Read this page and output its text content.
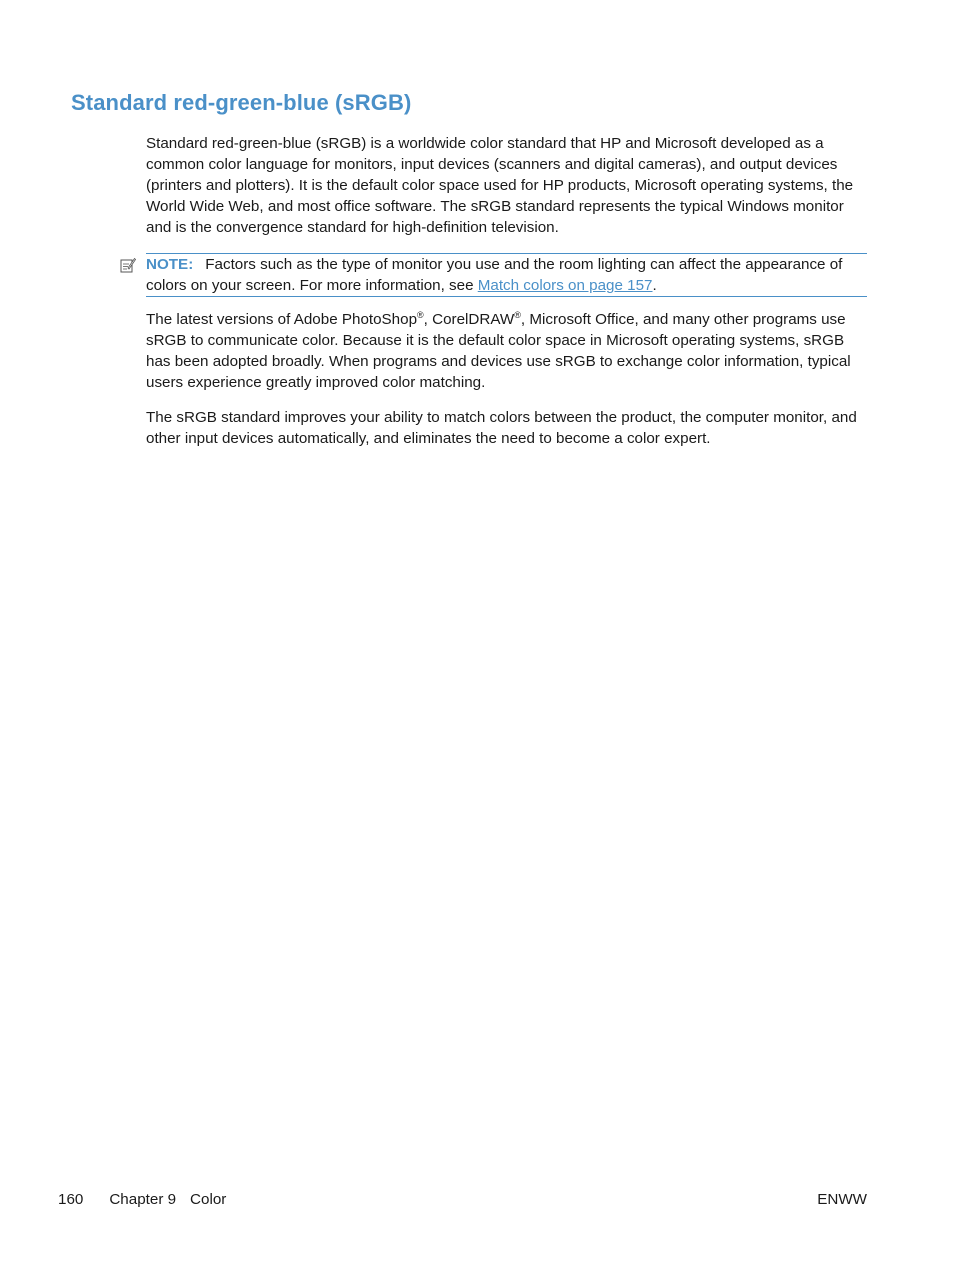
Standard red-green-blue (sRGB)

Standard red-green-blue (sRGB) is a worldwide color standard that HP and Microsoft developed as a common color language for monitors, input devices (scanners and digital cameras), and output devices (printers and plotters). It is the default color space used for HP products, Microsoft operating systems, the World Wide Web, and most office software. The sRGB standard represents the typical Windows monitor and is the convergence standard for high-definition television.

NOTE: Factors such as the type of monitor you use and the room lighting can affect the appearance of colors on your screen. For more information, see Match colors on page 157.

The latest versions of Adobe PhotoShop®, CorelDRAW®, Microsoft Office, and many other programs use sRGB to communicate color. Because it is the default color space in Microsoft operating systems, sRGB has been adopted broadly. When programs and devices use sRGB to exchange color information, typical users experience greatly improved color matching.

The sRGB standard improves your ability to match colors between the product, the computer monitor, and other input devices automatically, and eliminates the need to become a color expert.

160 Chapter 9 Color	ENWW
